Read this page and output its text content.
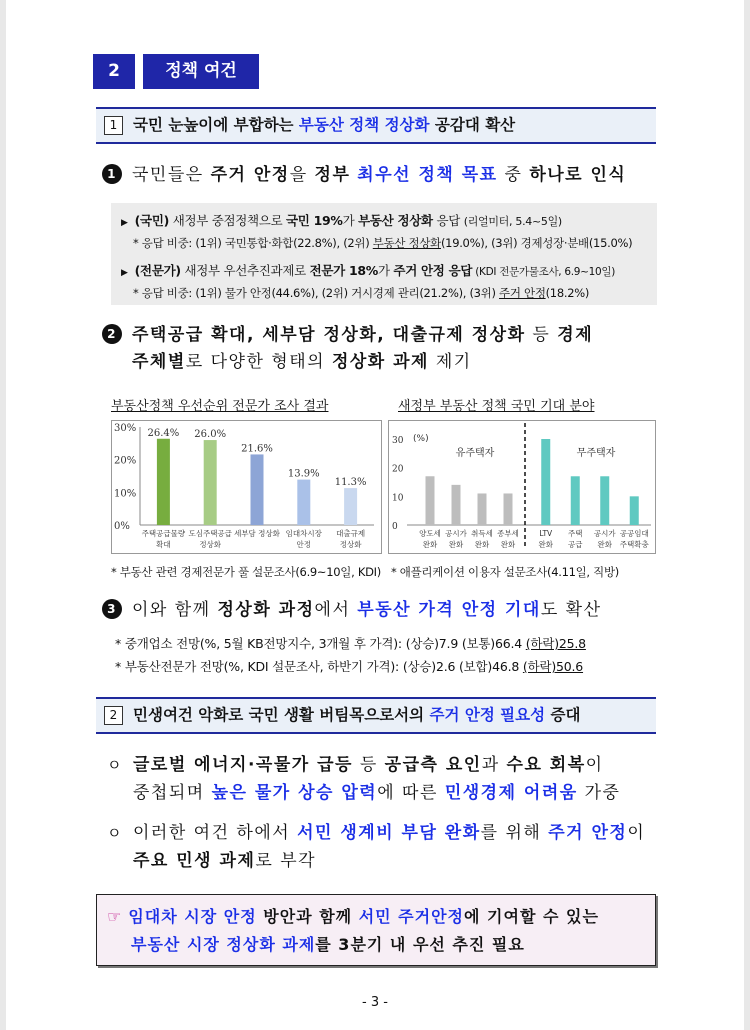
2	정책 여건
1 국민 눈높이에 부합하는 부동산 정책 정상화 공감대 확산
1 국민들은 주거 안정을 정부 최우선 정책 목표 중 하나로 인식
▶ (국민) 새정부 중점정책으로 국민 19%가 부동산 정상화 응답 (리얼미터, 5.4~5일)
* 응답 비중: (1위) 국민통합·화합(22.8%), (2위) 부동산 정상화(19.0%), (3위) 경제성장·분배(15.0%)
▶ (전문가) 새정부 우선추진과제로 전문가 18%가 주거 안정 응답 (KDI 전문가물조사, 6.9~10일)
* 응답 비중: (1위) 물가 안정(44.6%), (2위) 거시경제 관리(21.2%), (3위) 주거 안정(18.2%)
2 주택공급 확대, 세부담 정상화, 대출규제 정상화 등 경제
주체별로 다양한 형태의 정상화 과제 제기
부동산정책 우선순위 전문가 조사 결과	새정부 부동산 정책 국민 기대 분야
0%
10%
20%
30% 26.4%
주택공급물량
확대
26.0%
도심주택공급
정상화
21.6%
세부담 정상화
13.9%
임대차시장
안정
11.3%
대출규제
정상화
0
10
20
30 (%)
유주택자
양도세
완화
공시가
완화
취득세
완화
종부세
완화
무주택자
LTV
완화
주택
공급
공시가
완화
공공임대
주택확충
* 부동산 관련 경제전문가 풀 설문조사(6.9~10일, KDI) * 애플리케이션 이용자 설문조사(4.11일, 직방)
3 이와 함께 정상화 과정에서 부동산 가격 안정 기대도 확산
* 중개업소 전망(%, 5월 KB전망지수, 3개월 후 가격): (상승)7.9 (보통)66.4 (하락)25.8
* 부동산전문가 전망(%, KDI 설문조사, 하반기 가격): (상승)2.6 (보합)46.8 (하락)50.6
2 민생여건 악화로 국민 생활 버팀목으로서의 주거 안정 필요성 증대
ㅇ 글로벌 에너지·곡물가 급등 등 공급측 요인과 수요 회복이
중첩되며 높은 물가 상승 압력에 따른 민생경제 어려움 가중
ㅇ 이러한 여건 하에서 서민 생계비 부담 완화를 위해 주거 안정이
주요 민생 과제로 부각
☞ 임대차 시장 안정 방안과 함께 서민 주거안정에 기여할 수 있는
부동산 시장 정상화 과제를 3분기 내 우선 추진 필요
- 3 -
